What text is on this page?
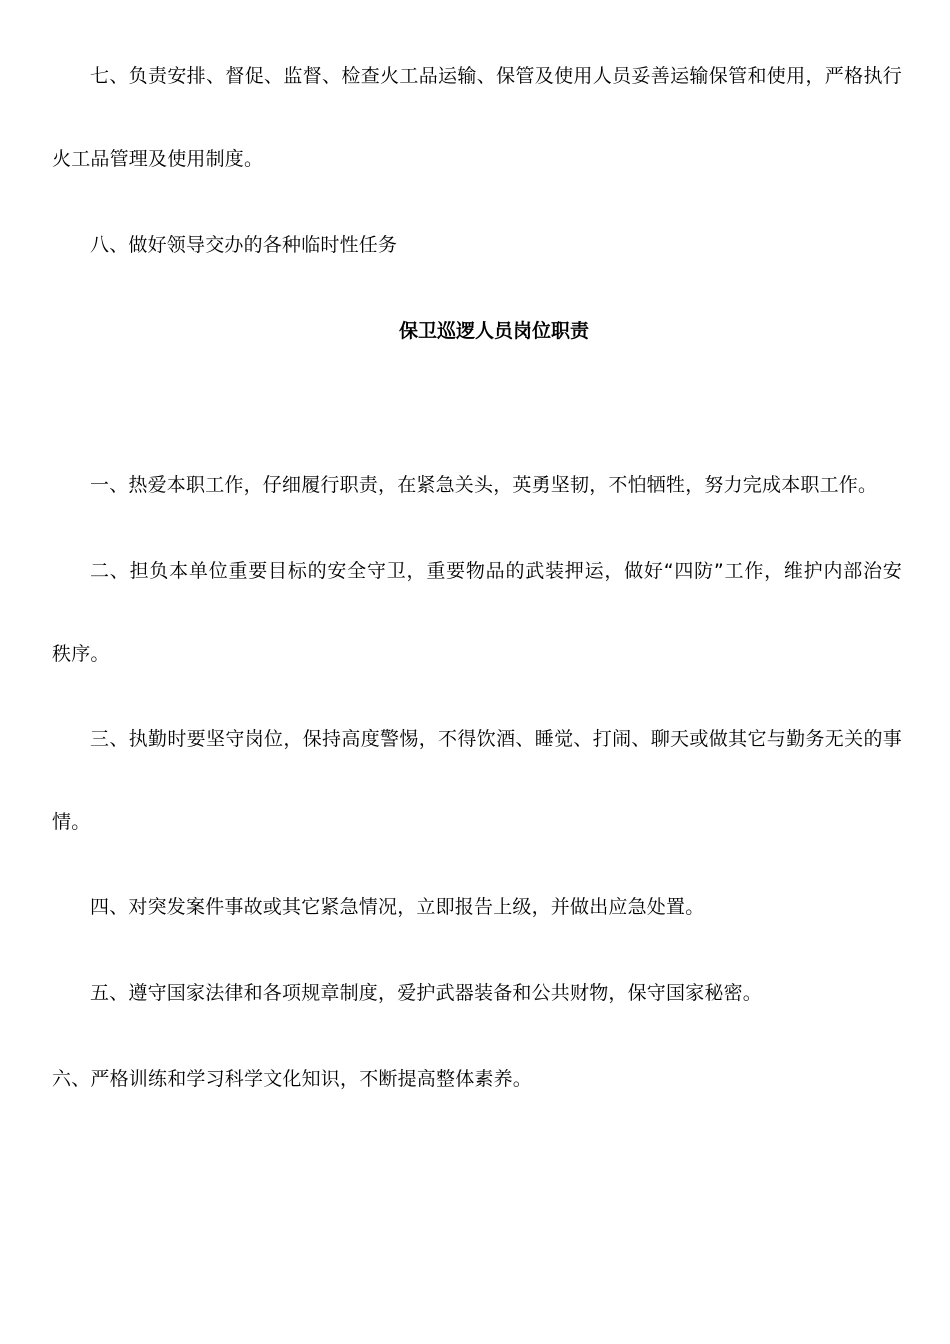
七、负责安排、督促、监督、检查火工品运输、保管及使用人员妥善运输保管和使用，严格执行
火工品管理及使用制度。
八、做好领导交办的各种临时性任务
保卫巡逻人员岗位职责
一、热爱本职工作，仔细履行职责，在紧急关头，英勇坚韧，不怕牺牲，努力完成本职工作。
二、担负本单位重要目标的安全守卫，重要物品的武装押运，做好“四防”工作，维护内部治安
秩序。
三、执勤时要坚守岗位，保持高度警惕，不得饮酒、睡觉、打闹、聊天或做其它与勤务无关的事
情。
四、对突发案件事故或其它紧急情况，立即报告上级，并做出应急处置。
五、遵守国家法律和各项规章制度，爱护武器装备和公共财物，保守国家秘密。
六、严格训练和学习科学文化知识，不断提高整体素养。
